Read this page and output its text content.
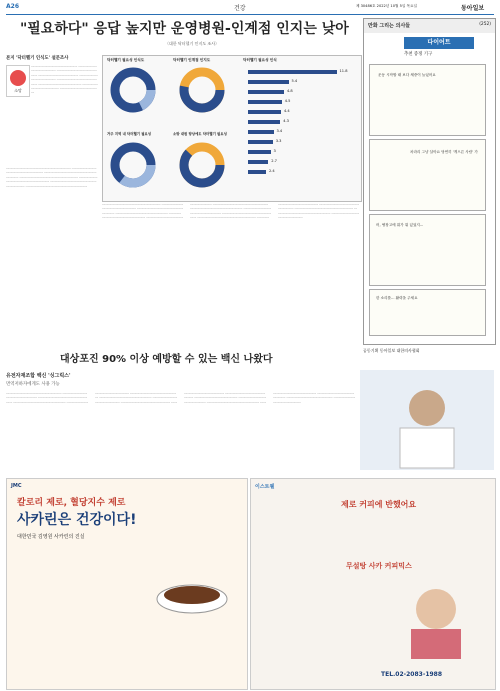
A26	건강	제 30486호 2022년 10월 5일 목요일	동아일보
"필요하다" 응답 높지만 운영병원-인계점 인지는 낮아
〈대한 닥터헬기 인지도 조사〉
본지 '닥터헬기 인식도' 설문조사
소망
ㅡㅡㅡㅡㅡㅡㅡㅡㅡㅡㅡㅡㅡㅡㅡ ㅡㅡㅡㅡㅡㅡㅡㅡㅡㅡㅡㅡㅡㅡ ㅡㅡㅡㅡㅡㅡㅡㅡㅡㅡㅡㅡㅡㅡㅡ ㅡㅡㅡㅡㅡㅡㅡㅡㅡㅡㅡㅡㅡ ㅡㅡㅡㅡㅡㅡㅡㅡㅡㅡㅡㅡㅡㅡ ㅡㅡㅡㅡㅡㅡㅡㅡㅡㅡㅡㅡㅡㅡㅡ ㅡㅡㅡㅡㅡㅡㅡㅡㅡㅡㅡㅡㅡㅡ ㅡㅡㅡㅡㅡㅡㅡㅡㅡㅡㅡㅡㅡㅡ ㅡㅡㅡㅡㅡㅡㅡㅡㅡㅡㅡㅡㅡ
ㅡㅡㅡㅡㅡㅡㅡㅡㅡㅡㅡㅡㅡㅡㅡㅡㅡㅡㅡㅡㅡ ㅡㅡㅡㅡㅡㅡㅡㅡㅡㅡㅡㅡㅡㅡㅡㅡㅡㅡㅡㅡ ㅡㅡㅡㅡㅡㅡㅡㅡㅡㅡㅡㅡㅡㅡㅡㅡㅡㅡㅡㅡㅡ ㅡㅡㅡㅡㅡㅡㅡㅡㅡㅡㅡㅡㅡㅡㅡㅡㅡㅡㅡ ㅡㅡㅡㅡㅡㅡㅡㅡㅡㅡㅡㅡㅡㅡㅡㅡㅡㅡㅡㅡ ㅡㅡㅡㅡㅡㅡㅡㅡㅡㅡㅡㅡㅡㅡㅡㅡㅡㅡㅡㅡㅡ ㅡㅡㅡㅡㅡㅡㅡㅡㅡㅡㅡㅡㅡㅡㅡㅡㅡㅡㅡㅡ
닥터헬기 필요성 인식도	닥터헬기 인계점 인지도
거주 지역 내 닥터헬기 필요성	소방 대원 향상에도 닥터헬기 필요성
닥터헬기 필요성 인식
11.8
5.4
4.8
4.5
4.4
4.3
3.4
3.3
3
2.7
2.4
ㅡㅡㅡㅡㅡㅡㅡㅡㅡㅡㅡㅡㅡㅡㅡㅡㅡㅡㅡ ㅡㅡㅡㅡㅡㅡㅡㅡㅡㅡㅡㅡㅡㅡㅡㅡㅡㅡ ㅡㅡㅡㅡㅡㅡㅡㅡㅡㅡㅡㅡㅡㅡㅡㅡㅡㅡㅡ ㅡㅡㅡㅡㅡㅡㅡㅡㅡㅡㅡㅡㅡㅡㅡㅡㅡ ㅡㅡㅡㅡㅡㅡㅡㅡㅡㅡㅡㅡㅡㅡㅡㅡㅡㅡ ㅡㅡㅡㅡㅡㅡㅡㅡㅡㅡㅡㅡㅡㅡㅡㅡㅡㅡㅡ ㅡㅡㅡㅡㅡㅡㅡㅡㅡㅡㅡㅡㅡㅡㅡㅡㅡㅡ ㅡㅡㅡㅡㅡㅡㅡㅡㅡㅡㅡㅡㅡㅡㅡㅡㅡ ㅡㅡㅡㅡㅡㅡㅡㅡㅡㅡㅡㅡㅡㅡㅡㅡㅡㅡㅡ ㅡㅡㅡㅡㅡㅡㅡㅡㅡㅡㅡㅡㅡㅡㅡㅡㅡㅡ ㅡㅡㅡㅡㅡㅡㅡㅡㅡㅡㅡㅡㅡㅡㅡㅡㅡㅡㅡ ㅡㅡㅡㅡㅡㅡㅡㅡㅡㅡㅡㅡㅡㅡㅡㅡㅡ ㅡㅡㅡㅡㅡㅡㅡㅡㅡㅡㅡㅡㅡㅡㅡㅡㅡㅡ ㅡㅡㅡㅡㅡㅡㅡㅡㅡㅡㅡㅡㅡㅡㅡㅡㅡㅡㅡ ㅡㅡㅡㅡㅡㅡㅡㅡㅡㅡㅡㅡㅡㅡㅡㅡㅡㅡ ㅡㅡㅡㅡㅡㅡㅡㅡㅡㅡㅡㅡㅡㅡㅡㅡㅡ
만화 그리는 의사들	(252)
다이어트
추천 증정 기구
운동 시작할 때 보다 체중이 늘었어요
차라리 그냥 살아요 당연히 '게으른 사람' 가
어, 냉장고에 뭐가 뭐 있었지...
한 소리를... 활력을 주세요
공동기획 동아일보 대한의사협회
대상포진 90% 이상 예방할 수 있는 백신 나왔다
유전자재조합 백신 '싱그릭스'
면역저하자에게도 사용 가능
ㅡㅡㅡㅡㅡㅡㅡㅡㅡㅡㅡㅡㅡㅡㅡㅡㅡㅡ ㅡㅡㅡㅡㅡㅡㅡㅡㅡㅡㅡㅡㅡㅡㅡㅡㅡㅡ ㅡㅡㅡㅡㅡㅡㅡㅡㅡㅡㅡㅡㅡㅡㅡㅡㅡㅡ ㅡㅡㅡㅡㅡㅡㅡㅡㅡㅡㅡㅡㅡㅡㅡㅡㅡ ㅡㅡㅡㅡㅡㅡㅡㅡㅡㅡㅡㅡㅡㅡㅡㅡㅡㅡ ㅡㅡㅡㅡㅡㅡㅡㅡㅡㅡㅡㅡㅡㅡㅡㅡ ㅡㅡㅡㅡㅡㅡㅡㅡㅡㅡㅡㅡㅡㅡㅡㅡㅡ ㅡㅡㅡㅡㅡㅡㅡㅡㅡㅡㅡㅡㅡㅡㅡㅡ ㅡㅡㅡㅡㅡㅡㅡㅡㅡㅡㅡㅡㅡㅡㅡㅡ ㅡㅡㅡㅡㅡㅡㅡㅡㅡㅡㅡㅡㅡㅡㅡ ㅡㅡㅡㅡㅡㅡㅡㅡㅡㅡㅡㅡㅡㅡㅡㅡ ㅡㅡㅡㅡㅡㅡㅡㅡㅡㅡㅡㅡㅡㅡ ㅡㅡㅡㅡㅡㅡㅡㅡㅡㅡㅡㅡㅡㅡㅡㅡ ㅡㅡㅡㅡㅡㅡㅡㅡㅡㅡㅡㅡㅡㅡㅡㅡㅡ ㅡㅡㅡㅡㅡㅡㅡㅡㅡㅡㅡㅡㅡㅡㅡㅡ ㅡㅡㅡㅡㅡㅡㅡㅡㅡㅡㅡㅡㅡㅡㅡㅡ ㅡㅡㅡㅡㅡㅡㅡㅡㅡㅡㅡㅡㅡㅡㅡ ㅡㅡㅡㅡㅡㅡㅡㅡㅡㅡㅡㅡㅡㅡㅡㅡ
JMC
칼로리 제로, 혈당지수 제로
사카린은 건강이다!
대한민국 김영원 사카린의 진실
이스트웰
제로 커피에 반했어요
무설탕 사카 커피믹스
TEL.02-2083-1988
